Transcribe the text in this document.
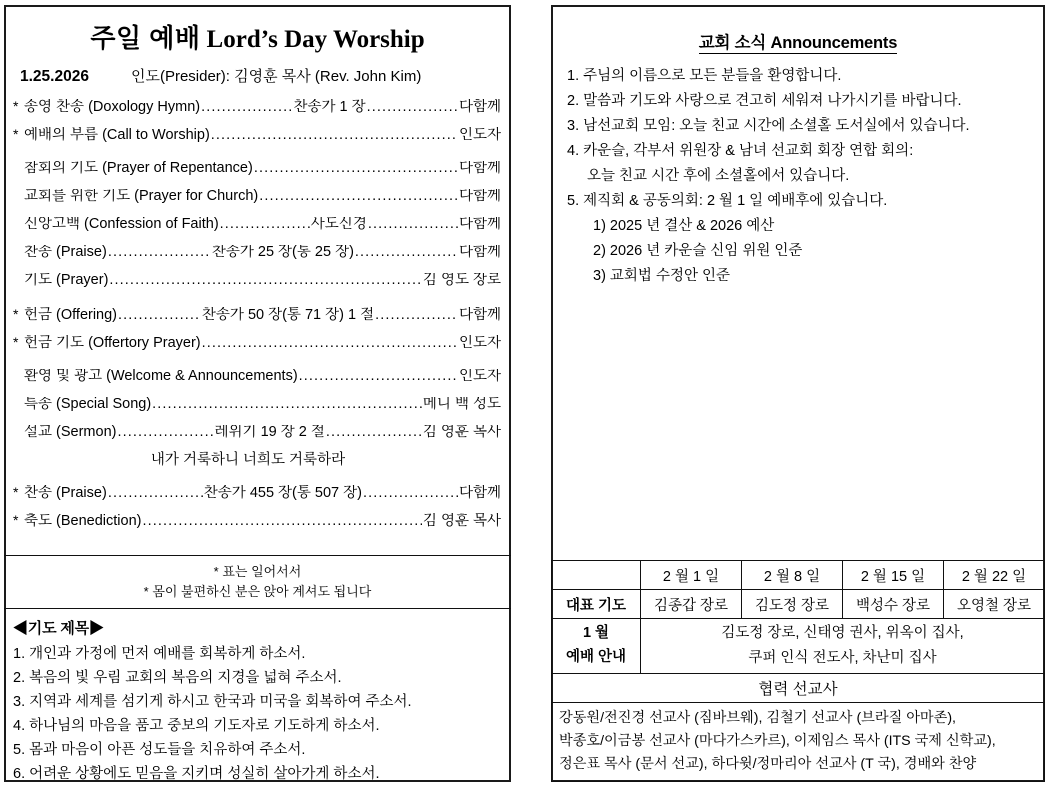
주일 예배 Lord’s Day Worship
1.25.2026	인도(Presider): 김영훈 목사 (Rev. John Kim)
* 송영 찬송 (Doxology Hymn) .....	찬송가 1 장 .....	다함께
* 예배의 부름 (Call to Worship) .....	인도자
참회의 기도 (Prayer of Repentance) .....	다함께
교회를 위한 기도 (Prayer for Church) .....	다함께
신앙고백 (Confession of Faith) .....	사도신경 .....	다함께
찬송 (Praise) .....	찬송가 25 장(통 25 장) .....	다함께
기도 (Prayer) .....	김 영도 장로
* 헌금 (Offering) .....	찬송가 50 장(통 71 장) 1 절 .....	다함께
* 헌금 기도 (Offertory Prayer) .....	인도자
환영 및 광고 (Welcome & Announcements) .....	인도자
특송 (Special Song) .....	메니 백 성도
설교 (Sermon) .....	레위기 19 장 2 절 .....	김 영훈 목사
내가 거룩하니 너희도 거룩하라
* 찬송 (Praise) .....	찬송가 455 장(통 507 장) .....	다함께
* 축도 (Benediction) .....	김 영훈 목사
* 표는 일어서서
* 몸이 불편하신 분은 앉아 계셔도 됩니다
◀기도 제목▶
1. 개인과 가정에 먼저 예배를 회복하게 하소서.
2. 복음의 빛 우림 교회의 복음의 지경을 넓혀 주소서.
3. 지역과 세계를 섬기게 하시고 한국과 미국을 회복하여 주소서.
4. 하나님의 마음을 품고 중보의 기도자로 기도하게 하소서.
5. 몸과 마음이 아픈 성도들을 치유하여 주소서.
6. 어려운 상황에도 믿음을 지키며 성실히 살아가게 하소서.
교회 소식 Announcements
1. 주님의 이름으로 모든 분들을 환영합니다.
2. 말씀과 기도와 사랑으로 견고히 세워져 나가시기를 바랍니다.
3. 남선교회 모임: 오늘 친교 시간에 소셜홀 도서실에서 있습니다.
4. 카운슬, 각부서 위원장 & 남녀 선교회 회장 연합 회의:
오늘 친교 시간 후에 소셜홀에서 있습니다.
5. 제직회 & 공동의회: 2 월 1 일 예배후에 있습니다.
1) 2025 년 결산 & 2026 예산
2) 2026 년 카운슬 신임 위원 인준
3) 교회법 수정안 인준
	2 월 1 일	2 월 8 일	2 월 15 일	2 월 22 일
대표 기도	김종갑 장로	김도정 장로	백성수 장로	오영철 장로

1 월
예배 안내

김도정 장로, 신태영 권사, 위옥이 집사,
쿠퍼 인식 전도사, 차난미 집사

협력 선교사				

강동원/전진경 선교사 (짐바브웨), 김철기 선교사 (브라질 아마존),
박종호/이금봉 선교사 (마다가스카르), 이제임스 목사 (ITS 국제 신학교),
정은표 목사 (문서 선교), 하다윗/정마리아 선교사 (T 국), 경배와 찬양				
